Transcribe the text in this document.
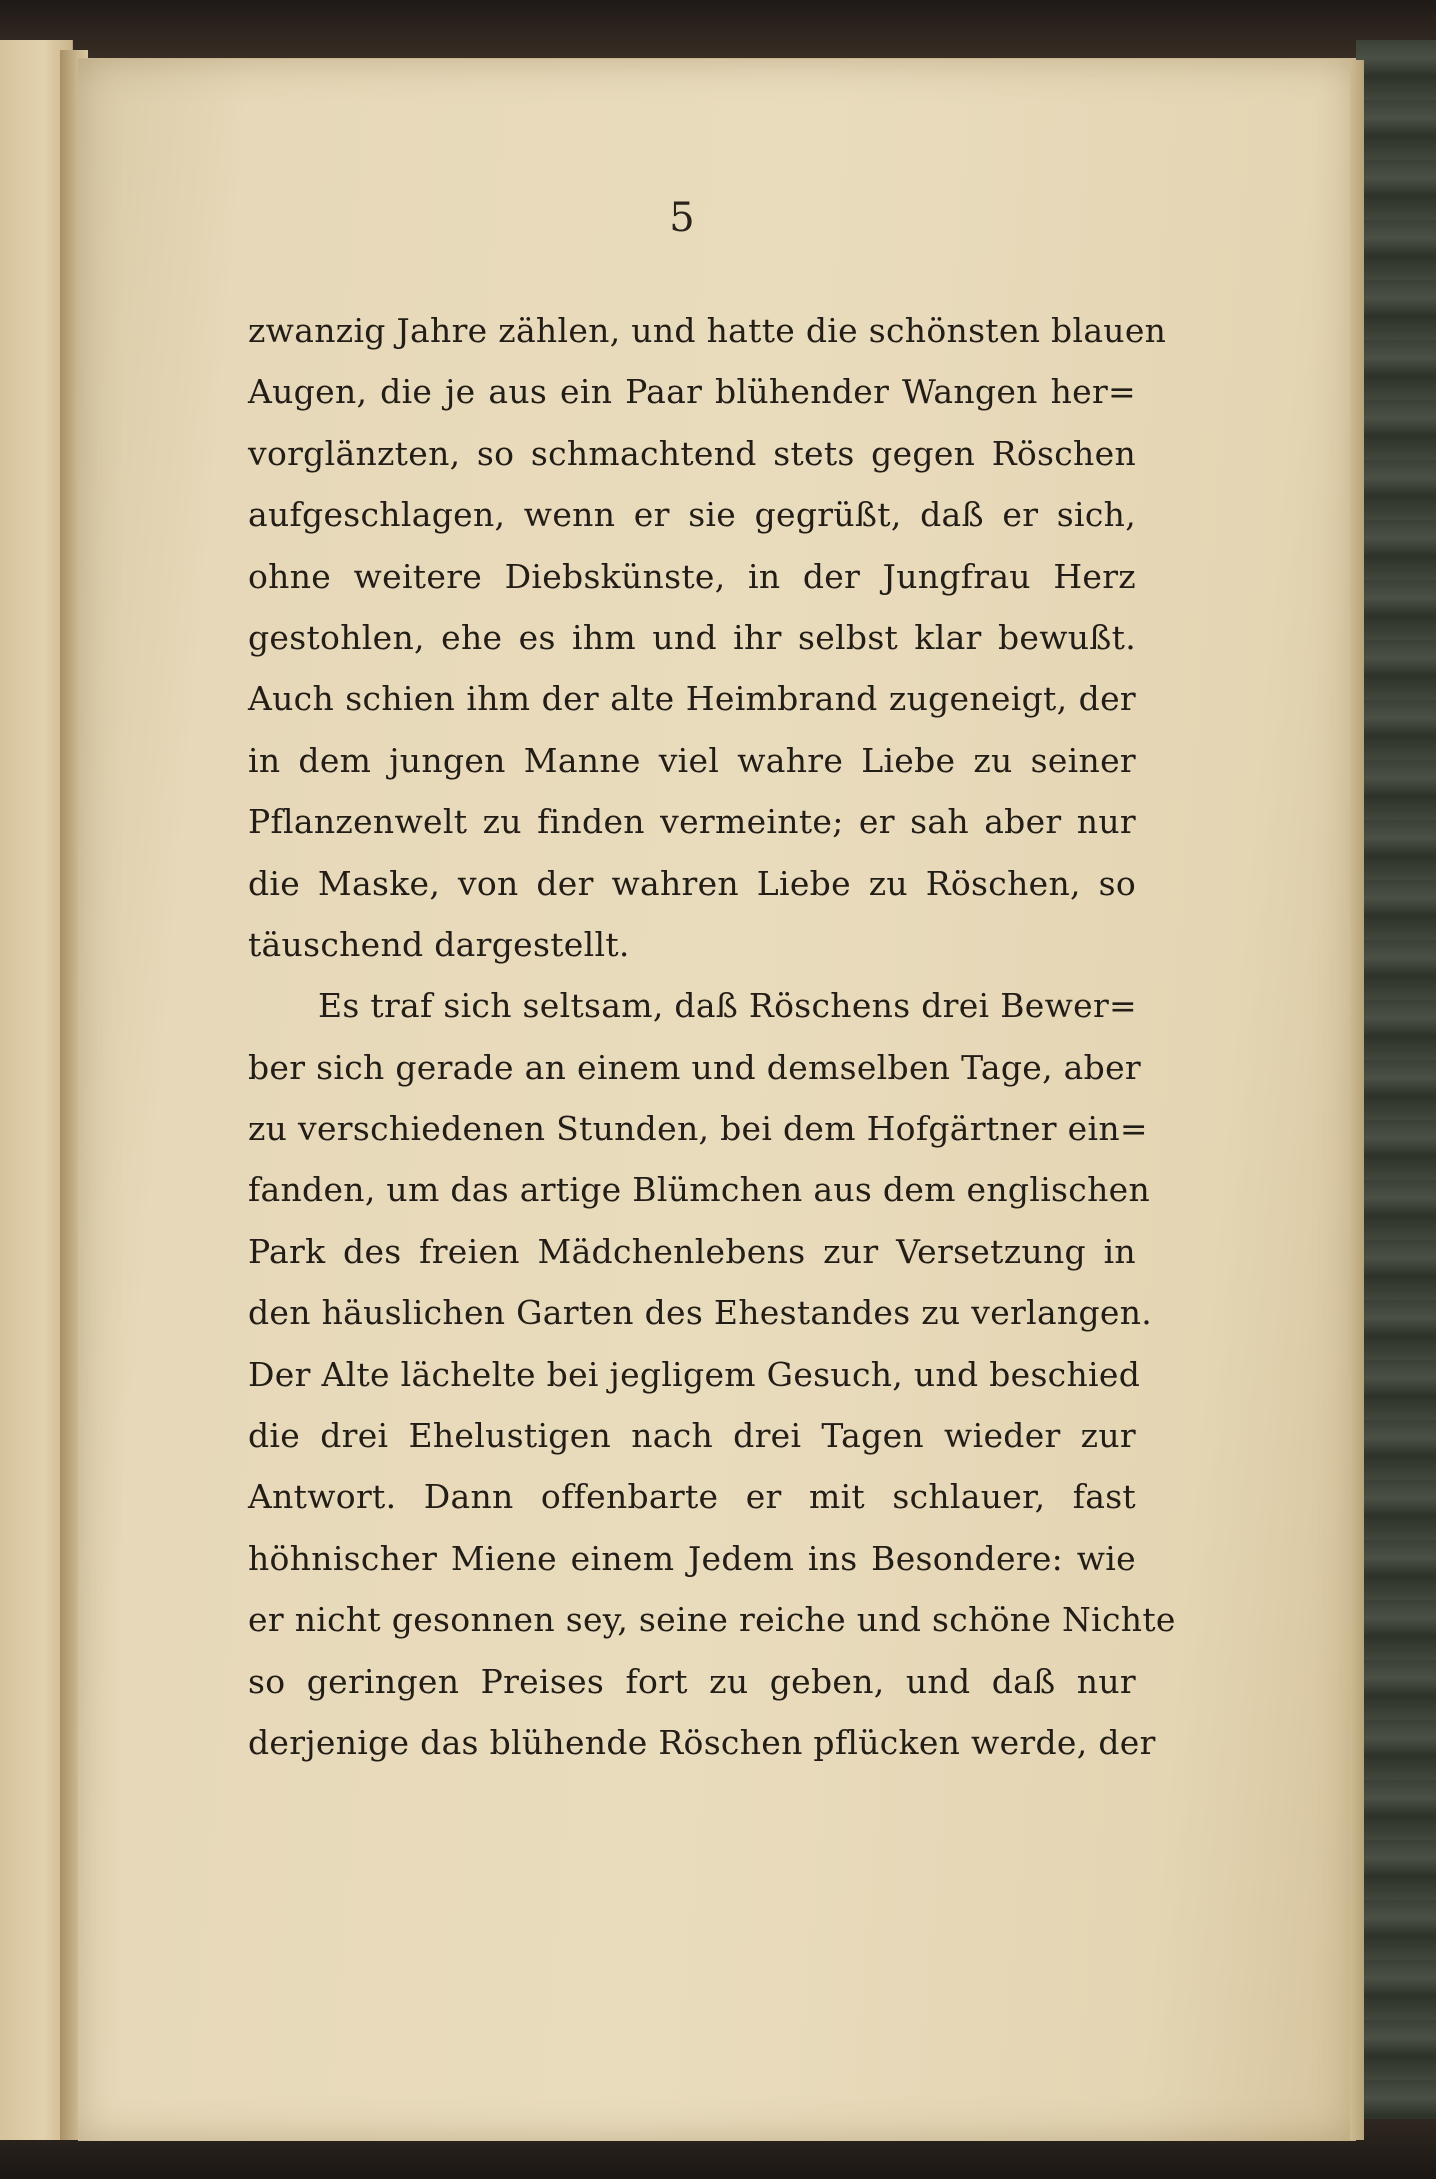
5
zwanzig Jahre zählen, und hatte die schönsten blauen
Augen, die je aus ein Paar blühender Wangen her=
vorglänzten, so schmachtend stets gegen Röschen
aufgeschlagen, wenn er sie gegrüßt, daß er sich,
ohne weitere Diebskünste, in der Jungfrau Herz
gestohlen, ehe es ihm und ihr selbst klar bewußt.
Auch schien ihm der alte Heimbrand zugeneigt, der
in dem jungen Manne viel wahre Liebe zu seiner
Pflanzenwelt zu finden vermeinte; er sah aber nur
die Maske, von der wahren Liebe zu Röschen, so
täuschend dargestellt.
Es traf sich seltsam, daß Röschens drei Bewer=
ber sich gerade an einem und demselben Tage, aber
zu verschiedenen Stunden, bei dem Hofgärtner ein=
fanden, um das artige Blümchen aus dem englischen
Park des freien Mädchenlebens zur Versetzung in
den häuslichen Garten des Ehestandes zu verlangen.
Der Alte lächelte bei jegligem Gesuch, und beschied
die drei Ehelustigen nach drei Tagen wieder zur
Antwort. Dann offenbarte er mit schlauer, fast
höhnischer Miene einem Jedem ins Besondere: wie
er nicht gesonnen sey, seine reiche und schöne Nichte
so geringen Preises fort zu geben, und daß nur
derjenige das blühende Röschen pflücken werde, der
